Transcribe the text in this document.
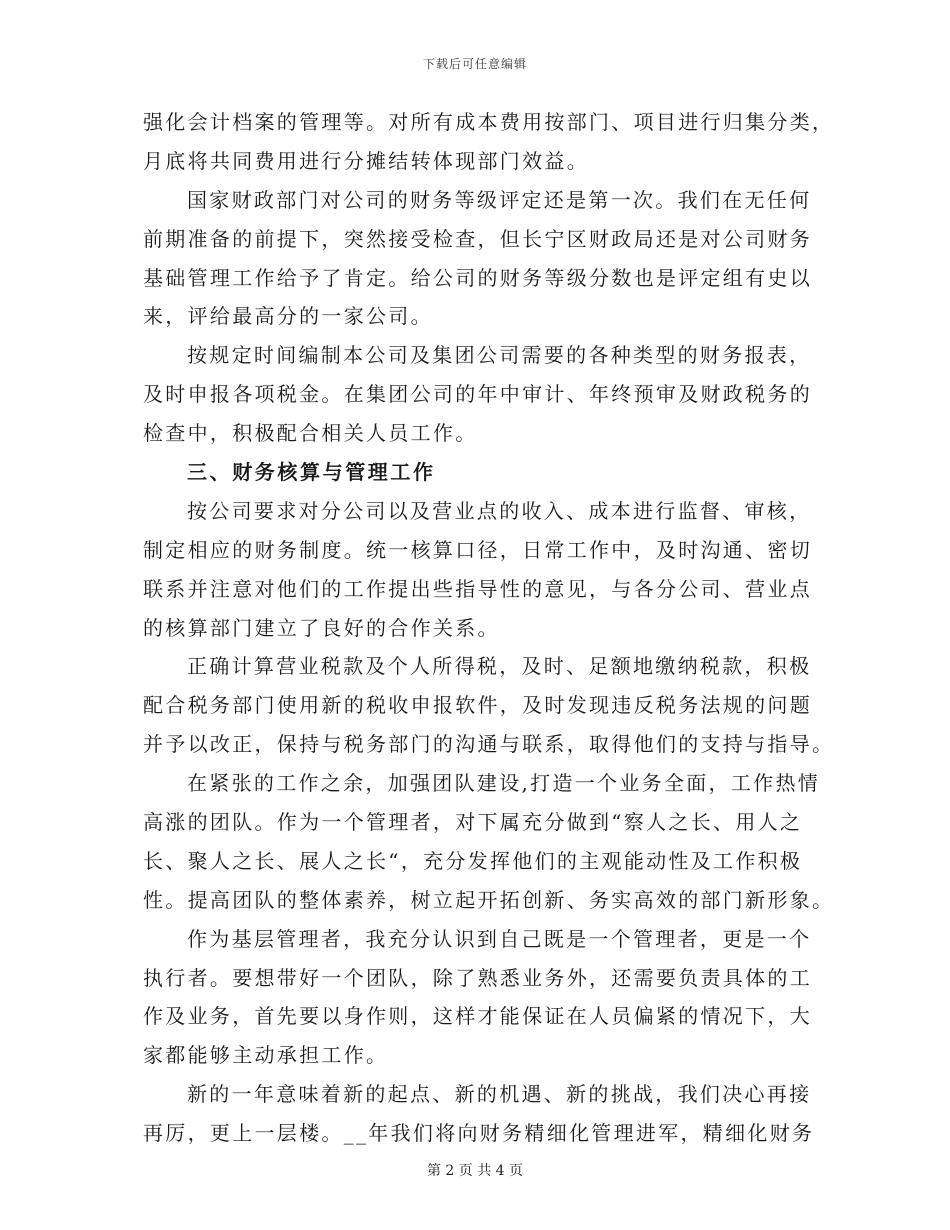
下载后可任意编辑
强化会计档案的管理等。对所有成本费用按部门、项目进行归集分类，
月底将共同费用进行分摊结转体现部门效益。
国家财政部门对公司的财务等级评定还是第一次。我们在无任何
前期准备的前提下，突然接受检查，但长宁区财政局还是对公司财务
基础管理工作给予了肯定。给公司的财务等级分数也是评定组有史以
来，评给最高分的一家公司。
按规定时间编制本公司及集团公司需要的各种类型的财务报表，
及时申报各项税金。在集团公司的年中审计、年终预审及财政税务的
检查中，积极配合相关人员工作。
三、财务核算与管理工作
按公司要求对分公司以及营业点的收入、成本进行监督、审核，
制定相应的财务制度。统一核算口径，日常工作中，及时沟通、密切
联系并注意对他们的工作提出些指导性的意见，与各分公司、营业点
的核算部门建立了良好的合作关系。
正确计算营业税款及个人所得税，及时、足额地缴纳税款，积极
配合税务部门使用新的税收申报软件，及时发现违反税务法规的问题
并予以改正，保持与税务部门的沟通与联系，取得他们的支持与指导。
在紧张的工作之余，加强团队建设,打造一个业务全面，工作热情
高涨的团队。作为一个管理者，对下属充分做到“察人之长、用人之
长、聚人之长、展人之长“，充分发挥他们的主观能动性及工作积极
性。提高团队的整体素养，树立起开拓创新、务实高效的部门新形象。
作为基层管理者，我充分认识到自己既是一个管理者，更是一个
执行者。要想带好一个团队，除了熟悉业务外，还需要负责具体的工
作及业务，首先要以身作则，这样才能保证在人员偏紧的情况下，大
家都能够主动承担工作。
新的一年意味着新的起点、新的机遇、新的挑战，我们决心再接
再厉，更上一层楼。__年我们将向财务精细化管理进军，精细化财务
第 2 页 共 4 页
